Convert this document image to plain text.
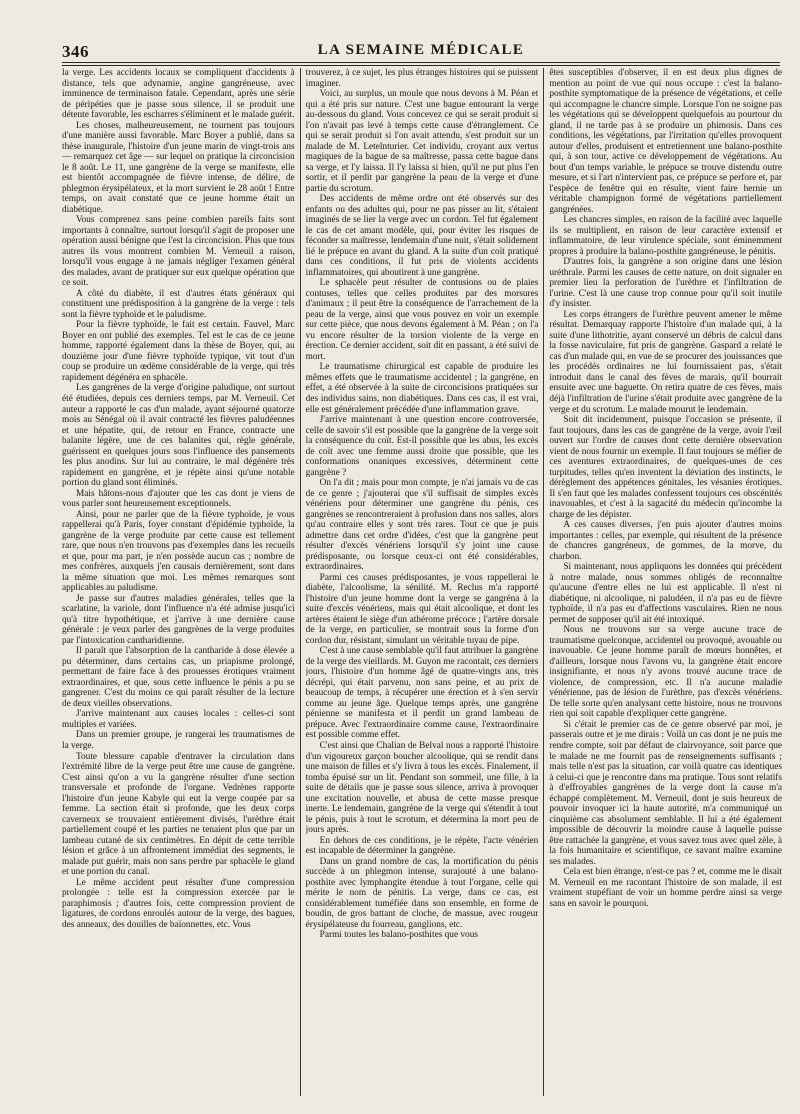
346	LA SEMAINE MÉDICALE

la verge. Les accidents locaux se compliquent d'accidents à distance, tels que adynamie, angine gangréneuse, avec imminence de terminaison fatale. Cependant, après une série de péripéties que je passe sous silence, il se produit une détente favorable, les escharres s'éliminent et le malade guérit.

Les choses, malheureusement, ne tournent pas toujours d'une manière aussi favorable. Marc Boyer a publié, dans sa thèse inaugurale, l'histoire d'un jeune marin de vingt-trois ans — remarquez cet âge — sur lequel on pratique la circoncision le 8 août. Le 11, une gangrène de la verge se manifeste, elle est bientôt accompagnée de fièvre intense, de délire, de phlegmon érysipélateux, et la mort survient le 28 août ! Entre temps, on avait constaté que ce jeune homme était un diabétique.

Vous comprenez sans peine combien pareils faits sont importants à connaître, surtout lorsqu'il s'agit de proposer une opération aussi bénigne que l'est la circoncision. Plus que tous autres ils vous montrent combien M. Verneuil a raison, lorsqu'il vous engage à ne jamais négliger l'examen général des malades, avant de pratiquer sur eux quelque opération que ce soit.

A côté du diabète, il est d'autres états généraux qui constituent une prédisposition à la gangrène de la verge : tels sont la fièvre typhoïde et le paludisme.

Pour la fièvre typhoïde, le fait est certain. Fauvel, Marc Boyer en ont publié des exemples. Tel est le cas de ce jeune homme, rapporté également dans la thèse de Boyer, qui, au douzième jour d'une fièvre typhoïde typique, vit tout d'un coup se produire un œdème considérable de la verge, qui très rapidement dégénéra en sphacèle.

Les gangrènes de la verge d'origine paludique, ont surtout été étudiées, depuis ces derniers temps, par M. Verneuil. Cet auteur a rapporté le cas d'un malade, ayant séjourné quatorze mois au Sénégal où il avait contracté les fièvres paludéennes et une hépatite, qui, de retour en France, contracte une balanite légère, une de ces balanites qui, règle générale, guérissent en quelques jours sous l'influence des pansements les plus anodins. Sur lui au contraire, le mal dégénère très rapidement en gangrène, et je répète ainsi qu'une notable portion du gland sont éliminés.

Mais hâtons-nous d'ajouter que les cas dont je viens de vous parler sont heureusement exceptionnels.

Ainsi, pour ne parler que de la fièvre typhoïde, je vous rappellerai qu'à Paris, foyer constant d'épidémie typhoïde, la gangrène de la verge produite par cette cause est tellement rare, que nous n'en trouvons pas d'exemples dans les recueils et que, pour ma part, je n'en possède aucun cas ; nombre de mes confrères, auxquels j'en causais dernièrement, sont dans la même situation que moi. Les mêmes remarques sont applicables au paludisme.

Je passe sur d'autres maladies générales, telles que la scarlatine, la variole, dont l'influence n'a été admise jusqu'ici qu'à titre hypothétique, et j'arrive à une dernière cause générale : je veux parler des gangrènes de la verge produites par l'intoxication cantharidienne.

Il paraît que l'absorption de la cantharide à dose élevée a pu déterminer, dans certains cas, un priapisme prolongé, permettant de faire face à des prouesses érotiques vraiment extraordinaires, et que, sous cette influence le pénis a pu se gangrener. C'est du moins ce qui paraît résulter de la lecture de deux vieilles observations.

J'arrive maintenant aux causes locales : celles-ci sont multiples et variées.

Dans un premier groupe, je rangerai les traumatismes de la verge.

Toute blessure capable d'entraver la circulation dans l'extrémité libre de la verge peut être une cause de gangrène. C'est ainsi qu'on a vu la gangrène résulter d'une section transversale et profonde de l'organe. Vedrènes rapporte l'histoire d'un jeune Kabyle qui eut la verge coupée par sa femme. La section était si profonde, que les deux corps caverneux se trouvaient entièrement divisés, l'urèthre était partiellement coupé et les parties ne tenaient plus que par un lambeau cutané de six centimètres. En dépit de cette terrible lésion et grâce à un affrontement immédiat des segments, le malade put guérir, mais non sans perdre par sphacèle le gland et une portion du canal.

Le même accident peut résulter d'une compression prolongée : telle est la compression exercée par le paraphimosis ; d'autres fois, cette compression provient de ligatures, de cordons enroulés autour de la verge, des bagues, des anneaux, des douilles de baïonnettes, etc. Vous

trouverez, à ce sujet, les plus étranges histoires qui se puissent imaginer.

Voici, au surplus, un moule que nous devons à M. Péan et qui a été pris sur nature. C'est une bague entourant la verge au-dessous du gland. Vous concevez ce qui se serait produit si l'on n'avait pas levé à temps cette cause d'étranglement. Ce qui se serait produit si l'on avait attendu, s'est produit sur un malade de M. Letelnturier. Cet individu, croyant aux vertus magiques de la bague de sa maîtresse, passa cette bague dans sa verge, et l'y laissa. Il l'y laissa si bien, qu'il ne put plus l'en sortir, et il perdit par gangrène la peau de la verge et d'une partie du scrotum.

Des accidents de même ordre ont été observés sur des enfants ou des adultes qui, pour ne pas pisser au lit, s'étaient imaginés de se lier la verge avec un cordon. Tel fut également le cas de cet amant modèle, qui, pour éviter les risques de féconder sa maîtresse, lendemain d'une nuit, s'était solidement lié le prépuce en avant du gland. A la suite d'un coït pratiqué dans ces conditions, il fut pris de violents accidents inflammatoires, qui aboutirent à une gangrène.

Le sphacèle peut résulter de contusions ou de plaies contuses, telles que celles produites par des morsures d'animaux ; il peut être la conséquence de l'arrachement de la peau de la verge, ainsi que vous pouvez en voir un exemple sur cette pièce, que nous devons également à M. Péan ; on l'a vu encore résulter de la torsion violente de la verge en érection. Ce dernier accident, soit dit en passant, a été suivi de mort.

Le traumatisme chirurgical est capable de produire les mêmes effets que le traumatisme accidentel ; la gangrène, en effet, a été observée à la suite de circoncisions pratiquées sur des individus sains, non diabétiques. Dans ces cas, il est vrai, elle est généralement précédée d'une inflammation grave.

J'arrive maintenant à une question encore controversée, celle de savoir s'il est possible que la gangrène de la verge soit la conséquence du coït. Est-il possible que les abus, les excès de coït avec une femme aussi droite que possible, que les conformations onaniques excessives, déterminent cette gangrène ?

On l'a dit ; mais pour mon compte, je n'ai jamais vu de cas de ce genre ; j'ajouterai que s'il suffisait de simples excès vénériens pour déterminer une gangrène du pénis, ces gangrènes se rencontreraient à profusion dans nos salles, alors qu'au contraire elles y sont très rares. Tout ce que je puis admettre dans cet ordre d'idées, c'est que la gangrène peut résulter d'excès vénériens lorsqu'il s'y joint une cause prédisposante, ou lorsque ceux-ci ont été considérables, extraordinaires.

Parmi ces causes prédisposantes, je vous rappellerai le diabète, l'alcoolisme, la sénilité. M. Reclus m'a rapporté l'histoire d'un jeune homme dont la verge se gangréna à la suite d'excès vénériens, mais qui était alcoolique, et dont les artères étaient le siège d'un athérome précoce ; l'artère dorsale de la verge, en particulier, se montrait sous la forme d'un cordon dur, résistant, simulant un véritable tuyau de pipe.

C'est à une cause semblable qu'il faut attribuer la gangrène de la verge des vieillards. M. Guyon me racontait, ces derniers jours, l'histoire d'un homme âgé de quatre-vingts ans, très décrépi, qui était parvenu, non sans peine, et au prix de beaucoup de temps, à récupérer une érection et à s'en servir comme au jeune âge. Quelque temps après, une gangrène pénienne se manifesta et il perdit un grand lambeau de prépuce. Avec l'extraordinaire comme cause, l'extraordinaire est possible comme effet.

C'est ainsi que Chalian de Belval nous a rapporté l'histoire d'un vigoureux garçon boucher alcoolique, qui se rendit dans une maison de filles et s'y livra à tous les excès. Finalement, il tomba épuisé sur un lit. Pendant son sommeil, une fille, à la suite de détails que je passe sous silence, arriva à provoquer une excitation nouvelle, et abusa de cette masse presque inerte. Le lendemain, gangrène de la verge qui s'étendit à tout le pénis, puis à tout le scrotum, et détermina la mort peu de jours après.

En dehors de ces conditions, je le répète, l'acte vénérien est incapable de déterminer la gangrène.

Dans un grand nombre de cas, la mortification du pénis succède à un phlegmon intense, surajouté à une balano-posthite avec lymphangite étendue à tout l'organe, celle qui mérite le nom de pénitis. La verge, dans ce cas, est considérablement tuméfiée dans son ensemble, en forme de boudin, de gros battant de cloche, de massue, avec rougeur érysipélateuse du fourreau, ganglions, etc.

Parmi toutes les balano-posthites que vous

êtes susceptibles d'observer, il en est deux plus dignes de mention au point de vue qui nous occupe : c'est la balano-posthite symptomatique de la présence de végétations, et celle qui accompagne le chancre simple. Lorsque l'on ne soigne pas les végétations qui se développent quelquefois au pourtour du gland, il ne tarde pas à se produire un phimosis. Dans ces conditions, les végétations, par l'irritation qu'elles provoquent autour d'elles, produisent et entretiennent une balano-posthite qui, à son tour, active ce développement de végétations. Au bout d'un temps variable, le prépuce se trouve distendu outre mesure, et si l'art n'intervient pas, ce prépuce se perfore et, par l'espèce de fenêtre qui en résulte, vient faire hernie un véritable champignon formé de végétations partiellement gangrénées.

Les chancres simples, en raison de la facilité avec laquelle ils se multiplient, en raison de leur caractère extensif et inflammatoire, de leur virulence spéciale, sont éminemment propres à produire la balano-posthite gangréneuse, le pénitis.

D'autres fois, la gangrène a son origine dans une lésion uréthrale. Parmi les causes de cette nature, on doit signaler en premier lieu la perforation de l'urèthre et l'infiltration de l'urine. C'est là une cause trop connue pour qu'il soit inutile d'y insister.

Les corps étrangers de l'urèthre peuvent amener le même résultat. Demarquay rapporte l'histoire d'un malade qui, à la suite d'une lithotritie, ayant conservé un débris de calcul dans la fosse naviculaire, fut pris de gangrène. Gaspard a relaté le cas d'un malade qui, en vue de se procurer des jouissances que les procédés ordinaires ne lui fournissaient pas, s'était introduit dans le canal des fèves de marais, qu'il bourrait ensuite avec une baguette. On retira quatre de ces fèves, mais déjà l'infiltration de l'urine s'était produite avec gangrène de la verge et du scrotum. Le malade mourut le lendemain.

Soit dit incidemment, puisque l'occasion se présente, il faut toujours, dans les cas de gangrène de la verge, avoir l'œil ouvert sur l'ordre de causes dont cette dernière observation vient de nous fournir un exemple. Il faut toujours se méfier de ces aventures extraordinaires, de quelques-unes de ces turpitudes, telles qu'en inventent la déviation des instincts, le dérèglement des appétences génitales, les vésanies érotiques. Il s'en faut que les malades confessent toujours ces obscénités inavouables, et c'est à la sagacité du médecin qu'incombe la charge de les dépister.

A ces causes diverses, j'en puis ajouter d'autres moins importantes : celles, par exemple, qui résultent de la présence de chancres gangréneux, de gommes, de la morve, du charbon.

Si maintenant, nous appliquons les données qui précèdent à notre malade, nous sommes obligés de reconnaître qu'aucune d'entre elles ne lui est applicable. Il n'est ni diabétique, ni alcoolique, ni paludéen, il n'a pas eu de fièvre typhoïde, il n'a pas eu d'affections vasculaires. Rien ne nous permet de supposer qu'il ait été intoxiqué.

Nous ne trouvons sur sa verge aucune trace de traumatisme quelconque, accidentel ou provoqué, avouable ou inavouable. Ce jeune homme paraît de mœurs honnêtes, et d'ailleurs, lorsque nous l'avons vu, la gangrène était encore insignifiante, et nous n'y avons trouvé aucune trace de violence, de compression, etc. Il n'a aucune maladie vénérienne, pas de lésion de l'urèthre, pas d'excès vénériens. De telle sorte qu'en analysant cette histoire, nous ne trouvons rien qui soit capable d'expliquer cette gangrène.

Si c'était le premier cas de ce genre observé par moi, je passerais outre et je me dirais : Voilà un cas dont je ne puis me rendre compte, soit par défaut de clairvoyance, soit parce que le malade ne me fournit pas de renseignements suffisants ; mais telle n'est pas la situation, car voilà quatre cas identiques à celui-ci que je rencontre dans ma pratique. Tous sont relatifs à d'effroyables gangrènes de la verge dont la cause m'a échappé complètement. M. Verneuil, dont je suis heureux de pouvoir invoquer ici la haute autorité, m'a communiqué un cinquième cas absolument semblable. Il lui a été également impossible de découvrir la moindre cause à laquelle puisse être rattachée la gangrène, et vous savez tous avec quel zèle, à la fois humanitaire et scientifique, ce savant maître examine ses malades.

Cela est bien étrange, n'est-ce pas ? et, comme me le disait M. Verneuil en me racontant l'histoire de son malade, il est vraiment stupéfiant de voir un homme perdre ainsi sa verge sans en savoir le pourquoi.
